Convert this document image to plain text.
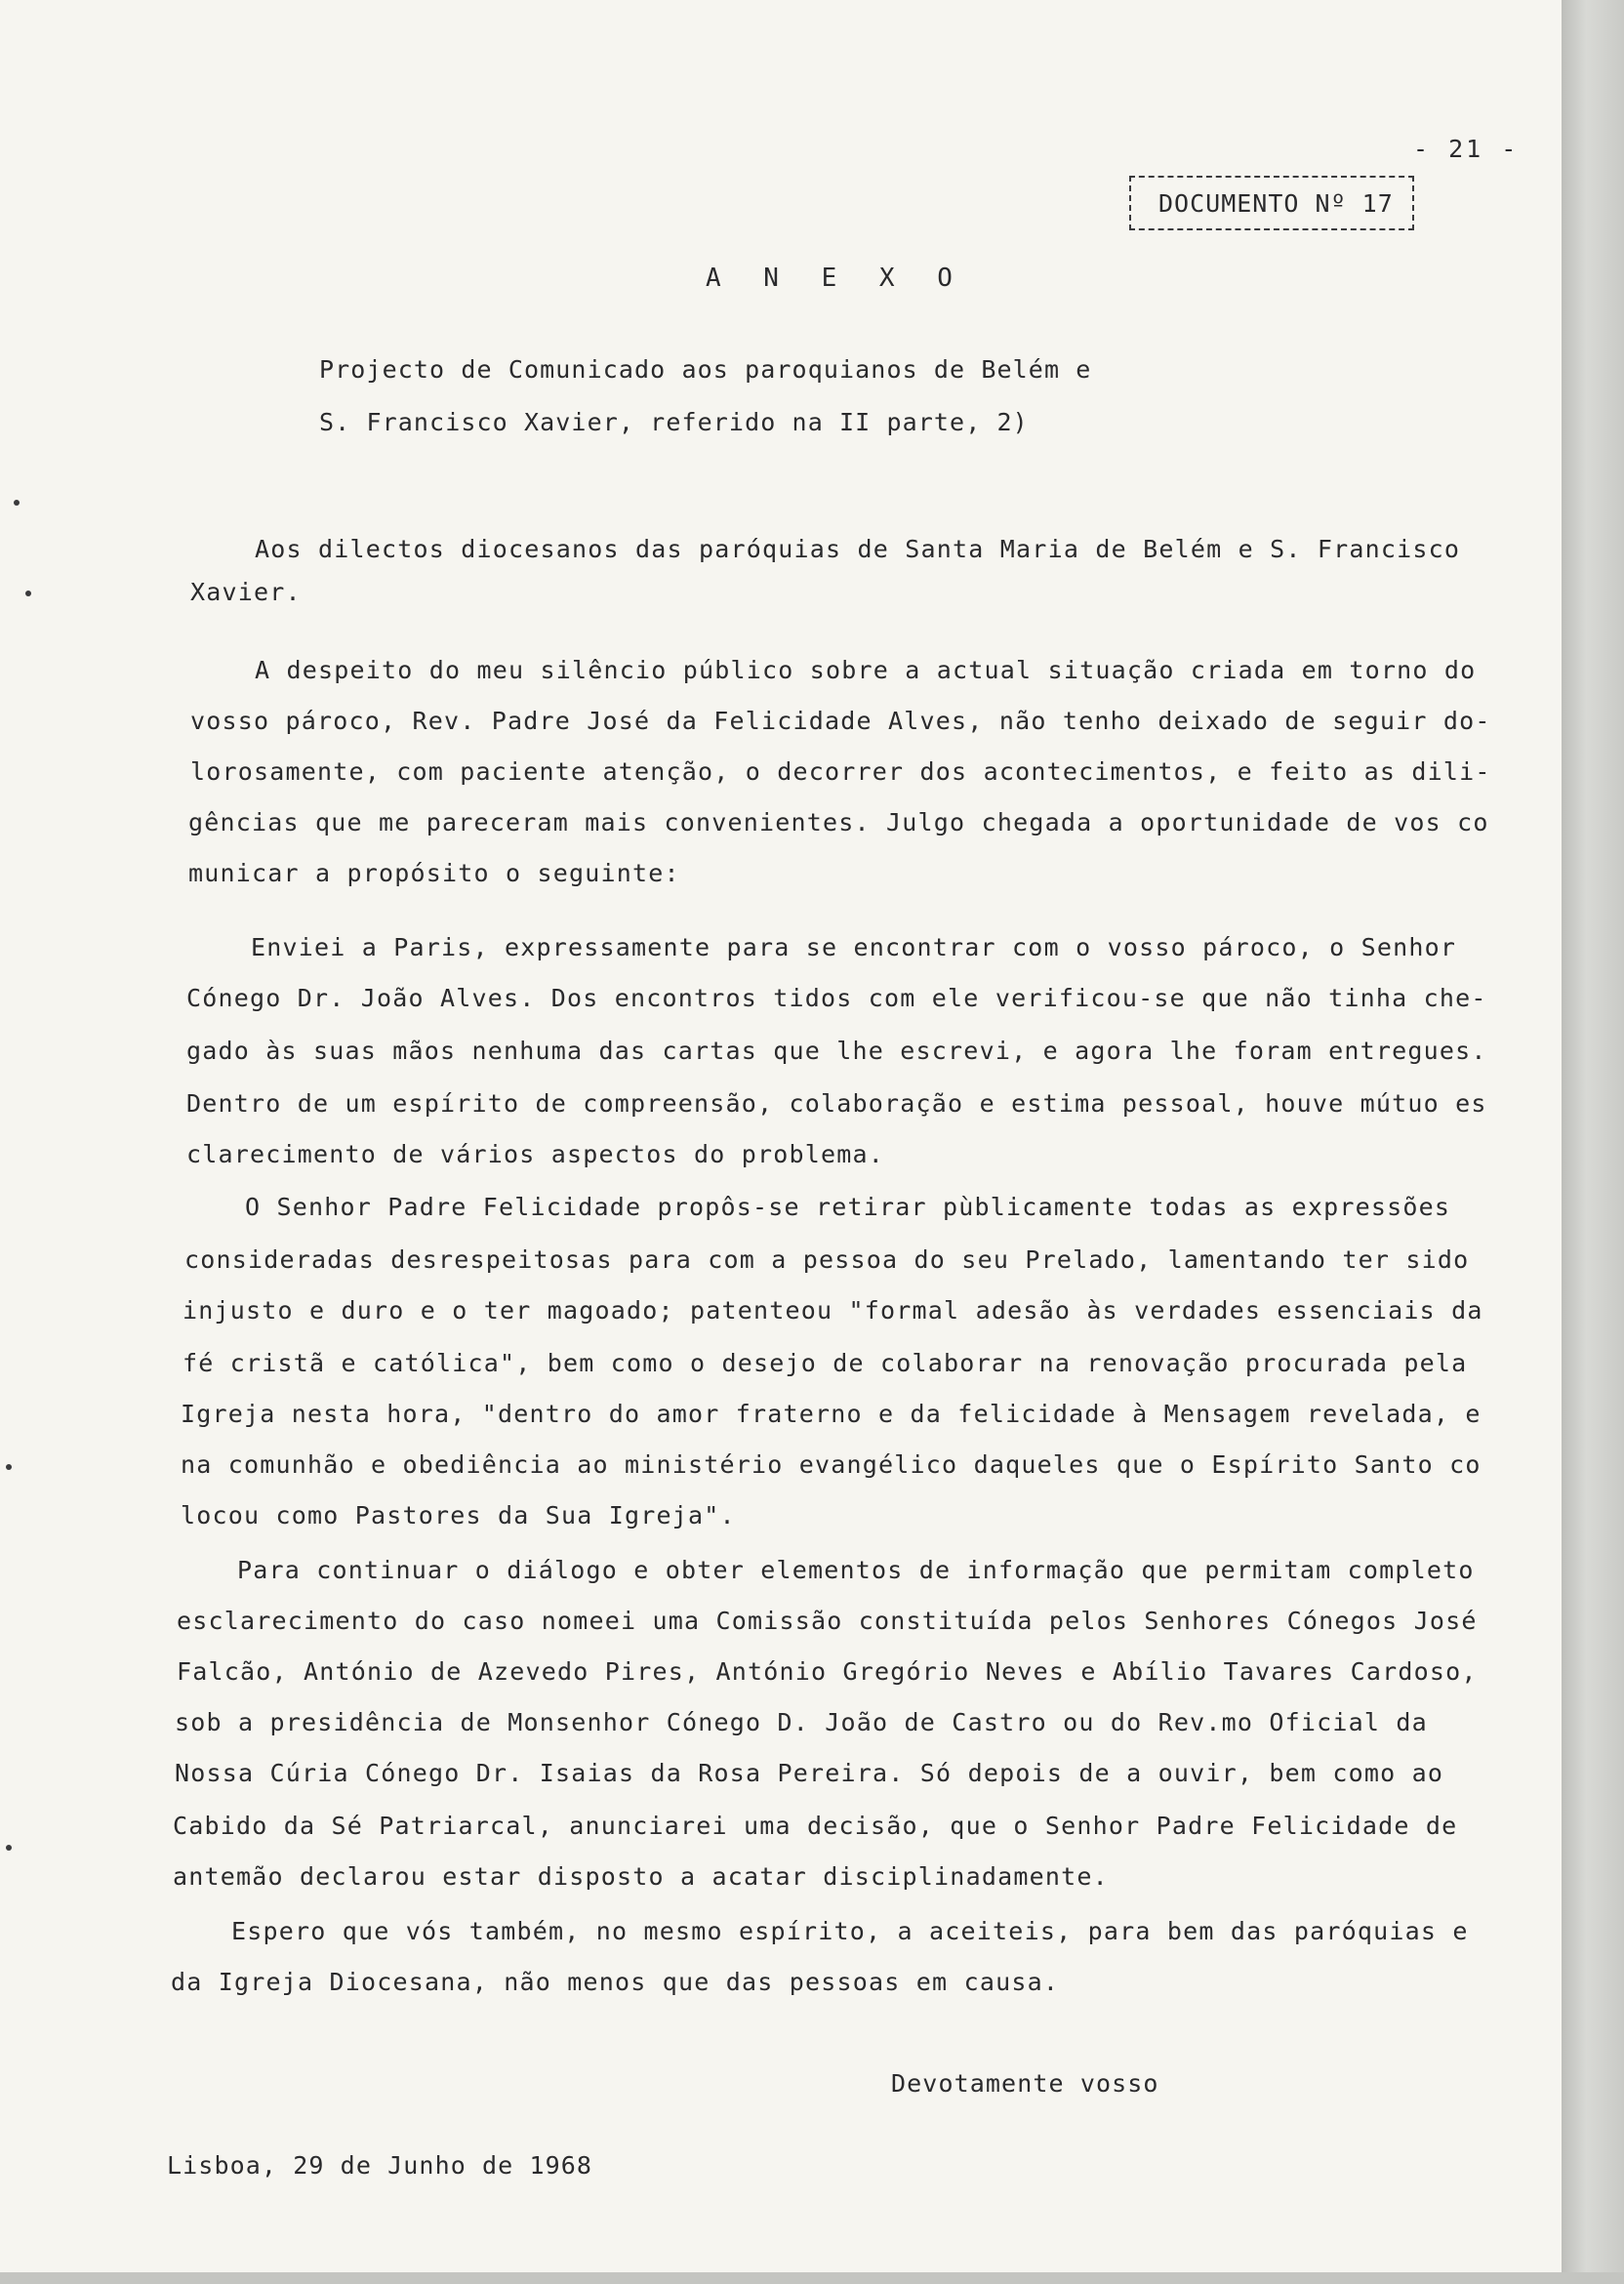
- 21 -
DOCUMENTO Nº 17
A N E X O
Projecto de Comunicado aos paroquianos de Belém e
S. Francisco Xavier, referido na II parte, 2)
Aos dilectos diocesanos das paróquias de Santa Maria de Belém e S. Francisco
Xavier.
A despeito do meu silêncio público sobre a actual situação criada em torno do
vosso pároco, Rev. Padre José da Felicidade Alves, não tenho deixado de seguir do-
lorosamente, com paciente atenção, o decorrer dos acontecimentos, e feito as dili-
gências que me pareceram mais convenientes. Julgo chegada a oportunidade de vos co
municar a propósito o seguinte:
Enviei a Paris, expressamente para se encontrar com o vosso pároco, o Senhor
Cónego Dr. João Alves. Dos encontros tidos com ele verificou-se que não tinha che-
gado às suas mãos nenhuma das cartas que lhe escrevi, e agora lhe foram entregues.
Dentro de um espírito de compreensão, colaboração e estima pessoal, houve mútuo es
clarecimento de vários aspectos do problema.
O Senhor Padre Felicidade propôs-se retirar pùblicamente todas as expressões
consideradas desrespeitosas para com a pessoa do seu Prelado, lamentando ter sido
injusto e duro e o ter magoado; patenteou "formal adesão às verdades essenciais da
fé cristã e católica", bem como o desejo de colaborar na renovação procurada pela
Igreja nesta hora, "dentro do amor fraterno e da felicidade à Mensagem revelada, e
na comunhão e obediência ao ministério evangélico daqueles que o Espírito Santo co
locou como Pastores da Sua Igreja".
Para continuar o diálogo e obter elementos de informação que permitam completo
esclarecimento do caso nomeei uma Comissão constituída pelos Senhores Cónegos José
Falcão, António de Azevedo Pires, António Gregório Neves e Abílio Tavares Cardoso,
sob a presidência de Monsenhor Cónego D. João de Castro ou do Rev.mo Oficial da
Nossa Cúria Cónego Dr. Isaias da Rosa Pereira. Só depois de a ouvir, bem como ao
Cabido da Sé Patriarcal, anunciarei uma decisão, que o Senhor Padre Felicidade de
antemão declarou estar disposto a acatar disciplinadamente.
Espero que vós também, no mesmo espírito, a aceiteis, para bem das paróquias e
da Igreja Diocesana, não menos que das pessoas em causa.
Devotamente vosso
Lisboa, 29 de Junho de 1968
